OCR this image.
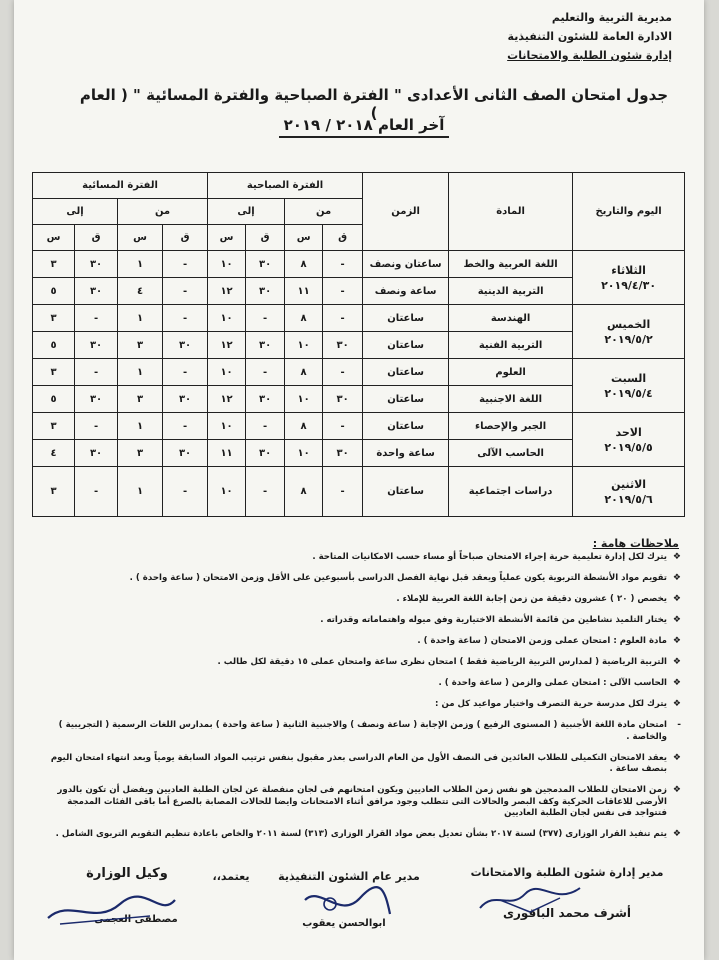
مديرية التربية والتعليم
الادارة العامة للشئون التنفيذية
إدارة شئون الطلبة والامتحانات
جدول امتحان الصف الثانى الأعدادى " الفترة الصباحية والفترة المسائية " ( العام )
آخر العام ٢٠١٨ / ٢٠١٩
اليوم والتاريخ	المادة	الزمن	الفترة الصباحية				الفترة المسائية			
			من		إلى		من		إلى	
			ق	س	ق	س	ق	س	ق	س

الثلاثاء
٢٠١٩/٤/٣٠	اللغة العربية والخط	ساعتان ونصف	-	٨	٣٠	١٠	-	١	٣٠	٣
	التربية الدينية	ساعة ونصف	-	١١	٣٠	١٢	-	٤	٣٠	٥

الخميس
٢٠١٩/٥/٢	الهندسة	ساعتان	-	٨	-	١٠	-	١	-	٣
	التربية الفنية	ساعتان	٣٠	١٠	٣٠	١٢	٣٠	٣	٣٠	٥

السبت
٢٠١٩/٥/٤	العلوم	ساعتان	-	٨	-	١٠	-	١	-	٣
	اللغة الاجنبية	ساعتان	٣٠	١٠	٣٠	١٢	٣٠	٣	٣٠	٥

الاحد
٢٠١٩/٥/٥	الجبر والإحصاء	ساعتان	-	٨	-	١٠	-	١	-	٣
	الحاسب الآلى	ساعة واحدة	٣٠	١٠	٣٠	١١	٣٠	٣	٣٠	٤

الاثنين
٢٠١٩/٥/٦	دراسات اجتماعية	ساعتان	-	٨	-	١٠	-	١	-	٣
ملاحظات هامة :
❖
يترك لكل إدارة تعليمية حرية إجراء الامتحان صباحاً أو مساء حسب الامكانيات المتاحة .
❖
تقويم مواد الأنشطة التربوية يكون عملياً ويعقد قبل نهاية الفصل الدراسى بأسبوعين على الأقل وزمن الامتحان ( ساعة واحدة ) .
❖
يخصص ( ٢٠ ) عشرون دقيقة من زمن إجابة اللغة العربية للإملاء .
❖
يختار التلميذ نشاطين من قائمة الأنشطة الاختيارية وفق ميوله واهتماماته وقدراته .
❖
مادة العلوم : امتحان عملى وزمن الامتحان ( ساعة واحدة ) .
❖
التربية الرياضية ( لمدارس التربية الرياضية فقط ) امتحان نظرى ساعة وامتحان عملى ١٥ دقيقة لكل طالب .
❖
الحاسب الآلى : امتحان عملى والزمن ( ساعة واحدة ) .
❖
يترك لكل مدرسة حرية التصرف واختيار مواعيد كل من :
-
امتحان مادة اللغة الأجنبية ( المستوى الرفيع ) وزمن الإجابة ( ساعة ونصف ) والاجنبية الثانية ( ساعة واحدة ) بمدارس اللغات الرسمية ( التجريبية ) والخاصة .
❖
يعقد الامتحان التكميلى للطلاب العائدين فى النصف الأول من العام الدراسى بعذر مقبول بنفس ترتيب المواد السابقة يومياً وبعد انتهاء امتحان اليوم بنصف ساعة .
❖
زمن الامتحان للطلاب المدمجين هو نفس زمن الطلاب العاديين ويكون امتحانهم فى لجان منفصلة عن لجان الطلبة العاديين ويفضل أن تكون بالدور الأرضى للاعاقات الحركية وكف البصر والحالات التى تتطلب وجود مرافق أثناء الامتحانات وايضا للحالات المصابة بالصرع أما باقى الفئات المدمجة فتتواجد فى نفس لجان الطلبة العاديين
❖
يتم تنفيذ القرار الوزارى (٣٧٧) لسنة ٢٠١٧ بشأن تعديل بعض مواد القرار الوزارى (٣١٣) لسنة ٢٠١١ والخاص باعادة تنظيم التقويم التربوى الشامل .
مدير إدارة شئون الطلبة والامتحانات
أشرف محمد الباقورى
مدير عام الشئون التنفيذية
ابوالحسن يعقوب
يعتمد،،
وكيل الوزارة
مصطفى العجمى
